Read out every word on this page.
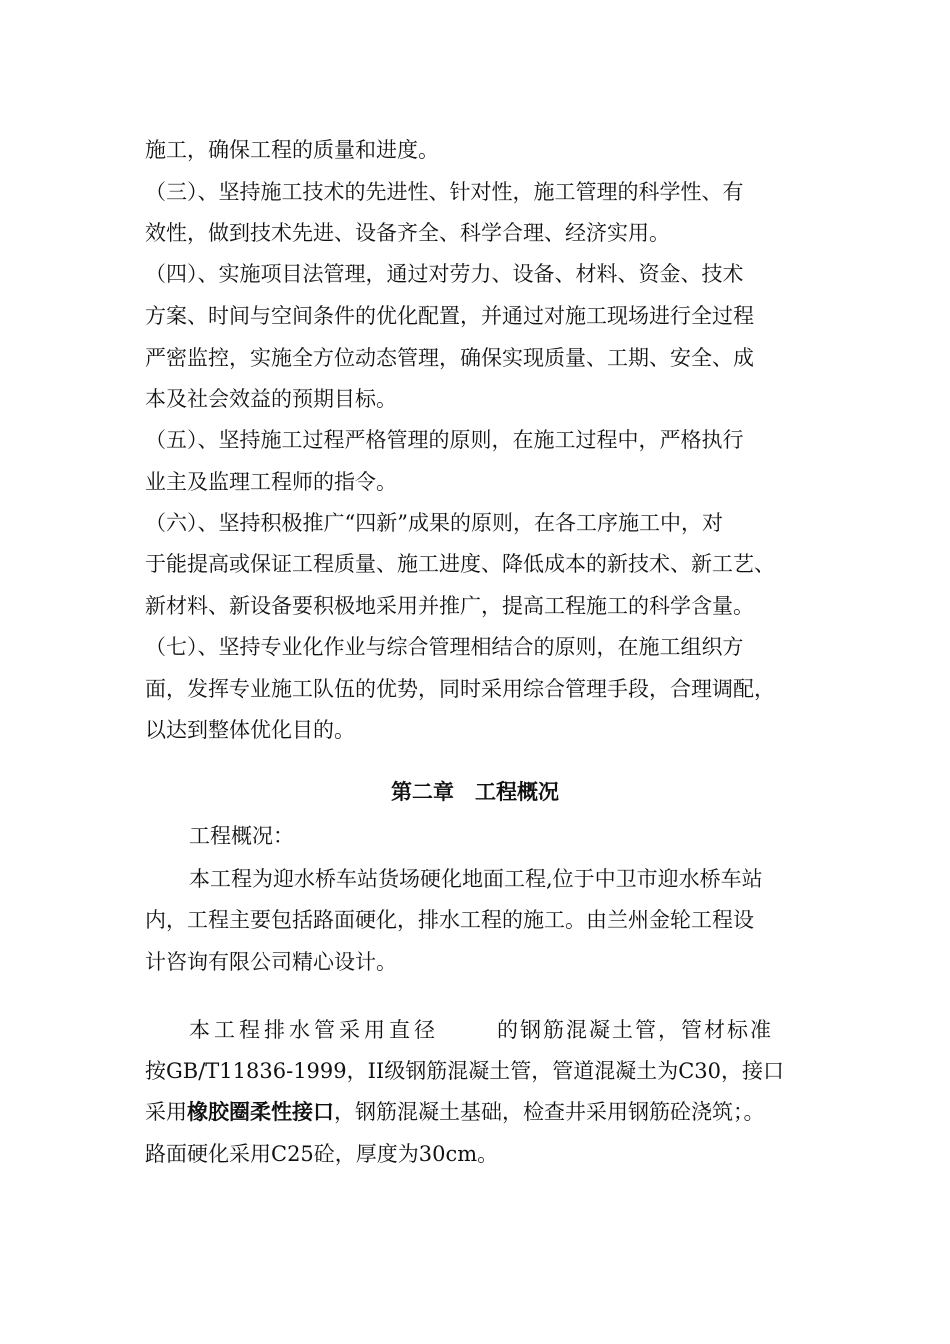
施工，确保工程的质量和进度。
（三）、坚持施工技术的先进性、针对性，施工管理的科学性、有
效性，做到技术先进、设备齐全、科学合理、经济实用。
（四）、实施项目法管理，通过对劳力、设备、材料、资金、技术
方案、时间与空间条件的优化配置，并通过对施工现场进行全过程
严密监控，实施全方位动态管理，确保实现质量、工期、安全、成
本及社会效益的预期目标。
（五）、坚持施工过程严格管理的原则，在施工过程中，严格执行
业主及监理工程师的指令。
（六）、坚持积极推广“四新”成果的原则，在各工序施工中，对
于能提高或保证工程质量、施工进度、降低成本的新技术、新工艺、
新材料、新设备要积极地采用并推广，提高工程施工的科学含量。
（七）、坚持专业化作业与综合管理相结合的原则，在施工组织方
面，发挥专业施工队伍的优势，同时采用综合管理手段，合理调配，
以达到整体优化目的。
第二章　工程概况
工程概况：
本工程为迎水桥车站货场硬化地面工程,位于中卫市迎水桥车站
内，工程主要包括路面硬化，排水工程的施工。由兰州金轮工程设
计咨询有限公司精心设计。
本工程排水管采用直径	的钢筋混凝土管，管材标准
按GB/T11836-1999，II级钢筋混凝土管，管道混凝土为C30，接口
采用橡胶圈柔性接口，钢筋混凝土基础，检查井采用钢筋砼浇筑；。
路面硬化采用C25砼，厚度为30cm。
